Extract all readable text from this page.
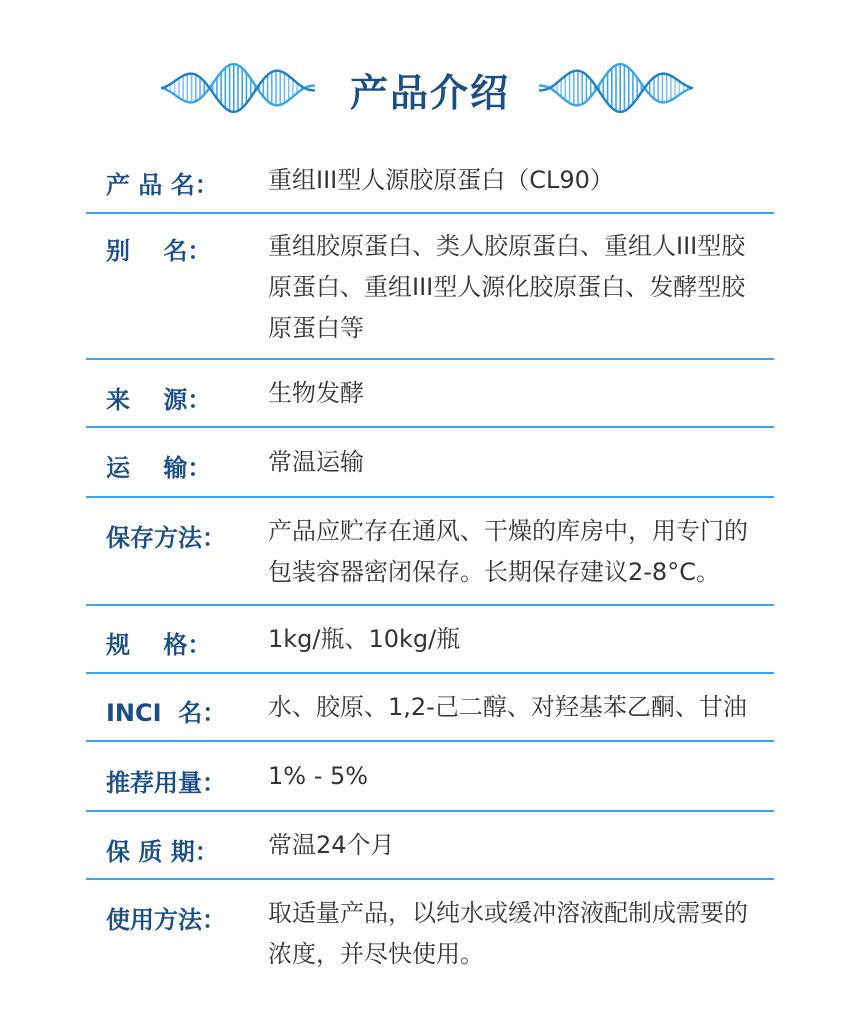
产品介绍
产 品 名： 重组III型人源胶原蛋白（CL90）
别    名： 重组胶原蛋白、类人胶原蛋白、重组人III型胶原蛋白、重组III型人源化胶原蛋白、发酵型胶原蛋白等
来    源： 生物发酵
运    输： 常温运输
保存方法： 产品应贮存在通风、干燥的库房中，用专门的包装容器密闭保存。长期保存建议2-8°C。
规    格： 1kg/瓶、10kg/瓶
INCI  名： 水、胶原、1,2-己二醇、对羟基苯乙酮、甘油
推荐用量： 1% - 5%
保 质 期： 常温24个月
使用方法： 取适量产品，以纯水或缓冲溶液配制成需要的浓度，并尽快使用。
